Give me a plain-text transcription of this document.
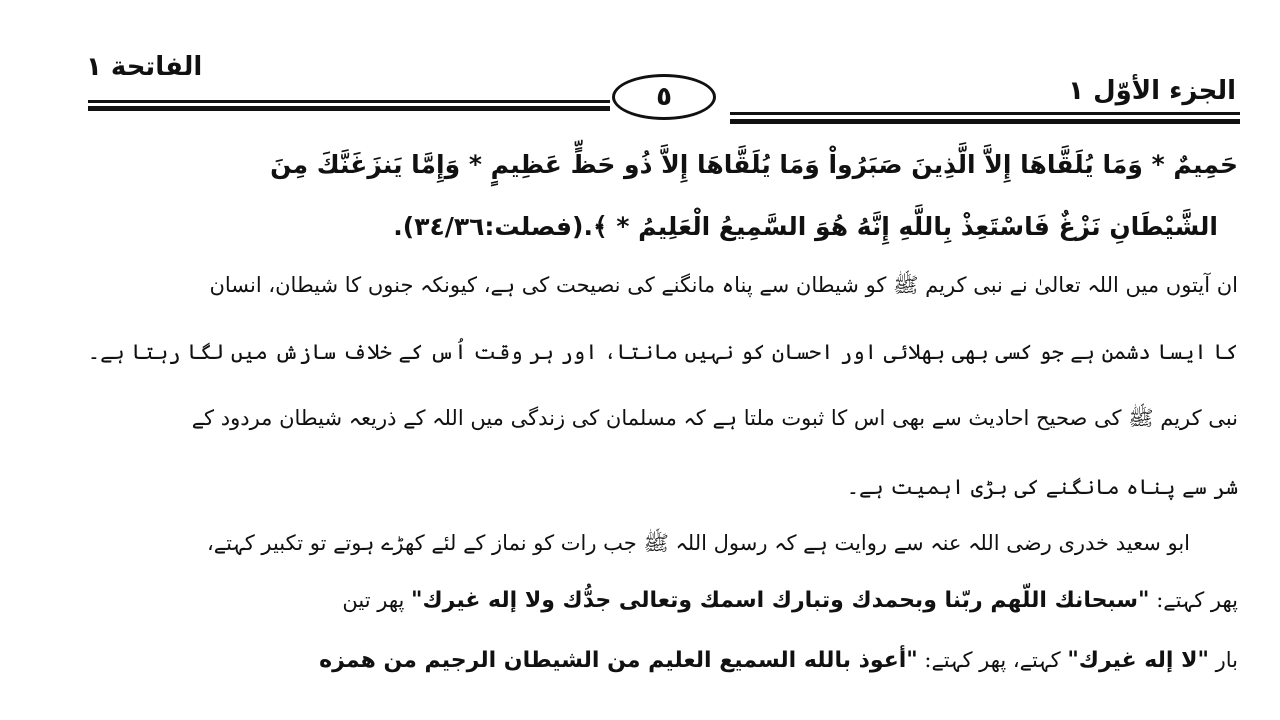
الفاتحة ١
الجزء الأوّل ١
٥
حَمِيمٌ * وَمَا يُلَقَّاهَا إِلاَّ الَّذِينَ صَبَرُواْ وَمَا يُلَقَّاهَا إِلاَّ ذُو حَظٍّ عَظِيمٍ * وَإِمَّا يَنزَغَنَّكَ مِنَ
الشَّيْطَانِ نَزْغٌ فَاسْتَعِذْ بِاللَّهِ إِنَّهُ هُوَ السَّمِيعُ الْعَلِيمُ * ﴾.(فصلت:٣٤/٣٦).
ان آیتوں میں اللہ تعالیٰ نے نبی کریم ﷺ کو شیطان سے پناہ مانگنے کی نصیحت کی ہے، کیونکہ جنوں کا شیطان، انسان
کا ایسا دشمن ہے جو کسی بھی بھلائی اور احسان کو نہیں مانتا، اور ہر وقت اُس کے خلاف سازش میں لگا رہتا ہے۔
نبی کریم ﷺ کی صحیح احادیث سے بھی اس کا ثبوت ملتا ہے کہ مسلمان کی زندگی میں اللہ کے ذریعہ شیطان مردود کے
شر سے پناہ مانگنے کی بڑی اہمیت ہے۔
ابو سعید خدری رضی اللہ عنہ سے روایت ہے کہ رسول اللہ ﷺ جب رات کو نماز کے لئے کھڑے ہوتے تو تکبیر کہتے،
پھر کہتے: "سبحانك اللّهم ربّنا وبحمدك وتبارك اسمك وتعالى جدُّك ولا إله غيرك" پھر تین
بار "لا إله غيرك" کہتے، پھر کہتے: "أعوذ بالله السميع العليم من الشيطان الرجيم من همزه
